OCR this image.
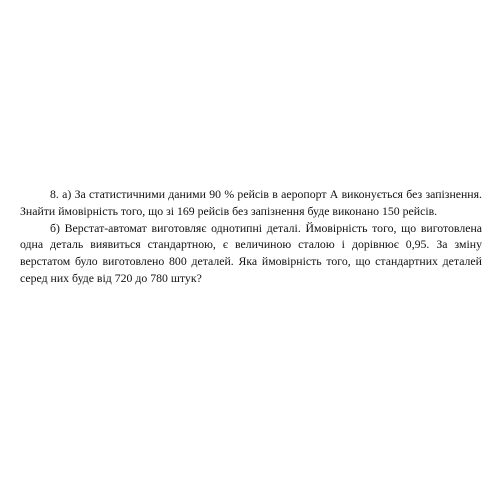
8. а) За статистичними даними 90 % рейсів в аеропорт А виконується без запізнення. Знайти ймовірність того, що зі 169 рейсів без запізнення буде виконано 150 рейсів.

б) Верстат-автомат виготовляє однотипні деталі. Ймовірність того, що виготовлена одна деталь виявиться стандартною, є величиною сталою і дорівнює 0,95. За зміну верстатом було виготовлено 800 деталей. Яка ймовірність того, що стандартних деталей серед них буде від 720 до 780 штук?
